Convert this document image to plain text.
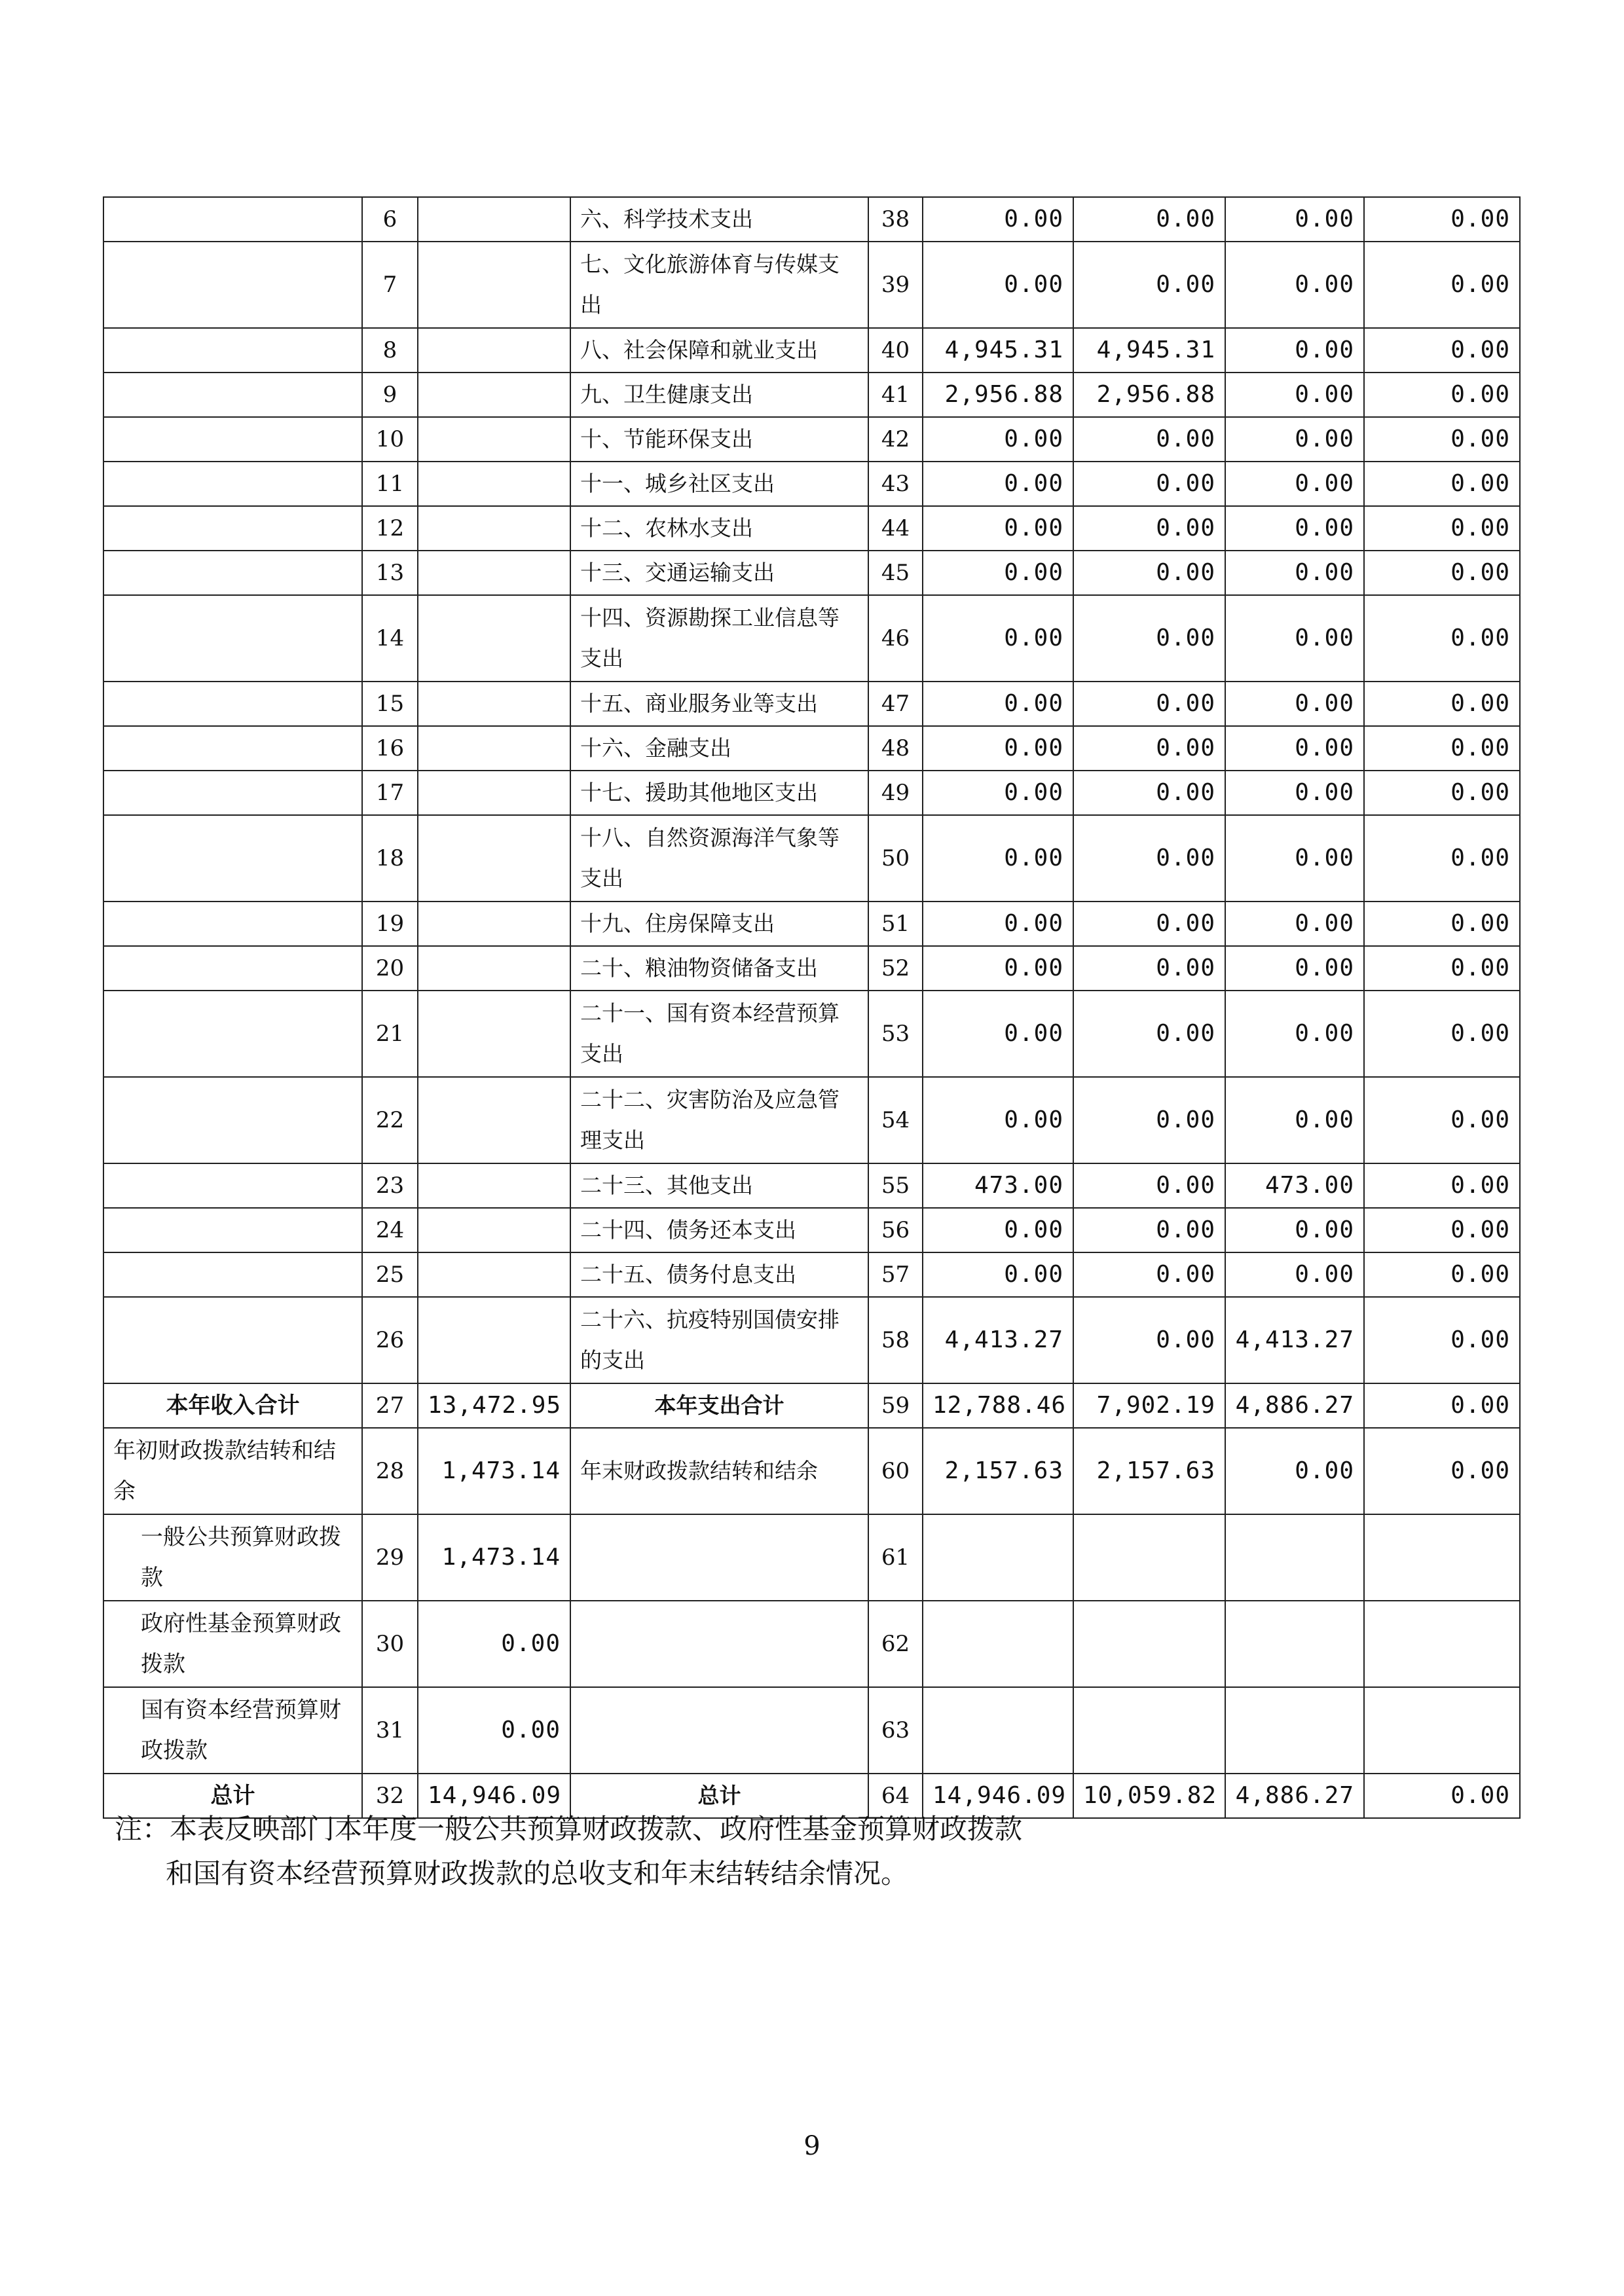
	6		六、科学技术支出	38	0.00	0.00	0.00	0.00
	7		七、文化旅游体育与传媒支出	39	0.00	0.00	0.00	0.00
	8		八、社会保障和就业支出	40	4,945.31	4,945.31	0.00	0.00
	9		九、卫生健康支出	41	2,956.88	2,956.88	0.00	0.00
	10		十、节能环保支出	42	0.00	0.00	0.00	0.00
	11		十一、城乡社区支出	43	0.00	0.00	0.00	0.00
	12		十二、农林水支出	44	0.00	0.00	0.00	0.00
	13		十三、交通运输支出	45	0.00	0.00	0.00	0.00
	14		十四、资源勘探工业信息等支出	46	0.00	0.00	0.00	0.00
	15		十五、商业服务业等支出	47	0.00	0.00	0.00	0.00
	16		十六、金融支出	48	0.00	0.00	0.00	0.00
	17		十七、援助其他地区支出	49	0.00	0.00	0.00	0.00
	18		十八、自然资源海洋气象等支出	50	0.00	0.00	0.00	0.00
	19		十九、住房保障支出	51	0.00	0.00	0.00	0.00
	20		二十、粮油物资储备支出	52	0.00	0.00	0.00	0.00
	21		二十一、国有资本经营预算支出	53	0.00	0.00	0.00	0.00
	22		二十二、灾害防治及应急管理支出	54	0.00	0.00	0.00	0.00
	23		二十三、其他支出	55	473.00	0.00	473.00	0.00
	24		二十四、债务还本支出	56	0.00	0.00	0.00	0.00
	25		二十五、债务付息支出	57	0.00	0.00	0.00	0.00
	26		二十六、抗疫特别国债安排的支出	58	4,413.27	0.00	4,413.27	0.00
本年收入合计	27	13,472.95	本年支出合计	59	12,788.46	7,902.19	4,886.27	0.00
年初财政拨款结转和结余	28	1,473.14	年末财政拨款结转和结余	60	2,157.63	2,157.63	0.00	0.00
一般公共预算财政拨款	29	1,473.14		61				
政府性基金预算财政拨款	30	0.00		62				
国有资本经营预算财政拨款	31	0.00		63				
总计	32	14,946.09	总计	64	14,946.09	10,059.82	4,886.27	0.00
注：本表反映部门本年度一般公共预算财政拨款、政府性基金预算财政拨款
和国有资本经营预算财政拨款的总收支和年末结转结余情况。
9
